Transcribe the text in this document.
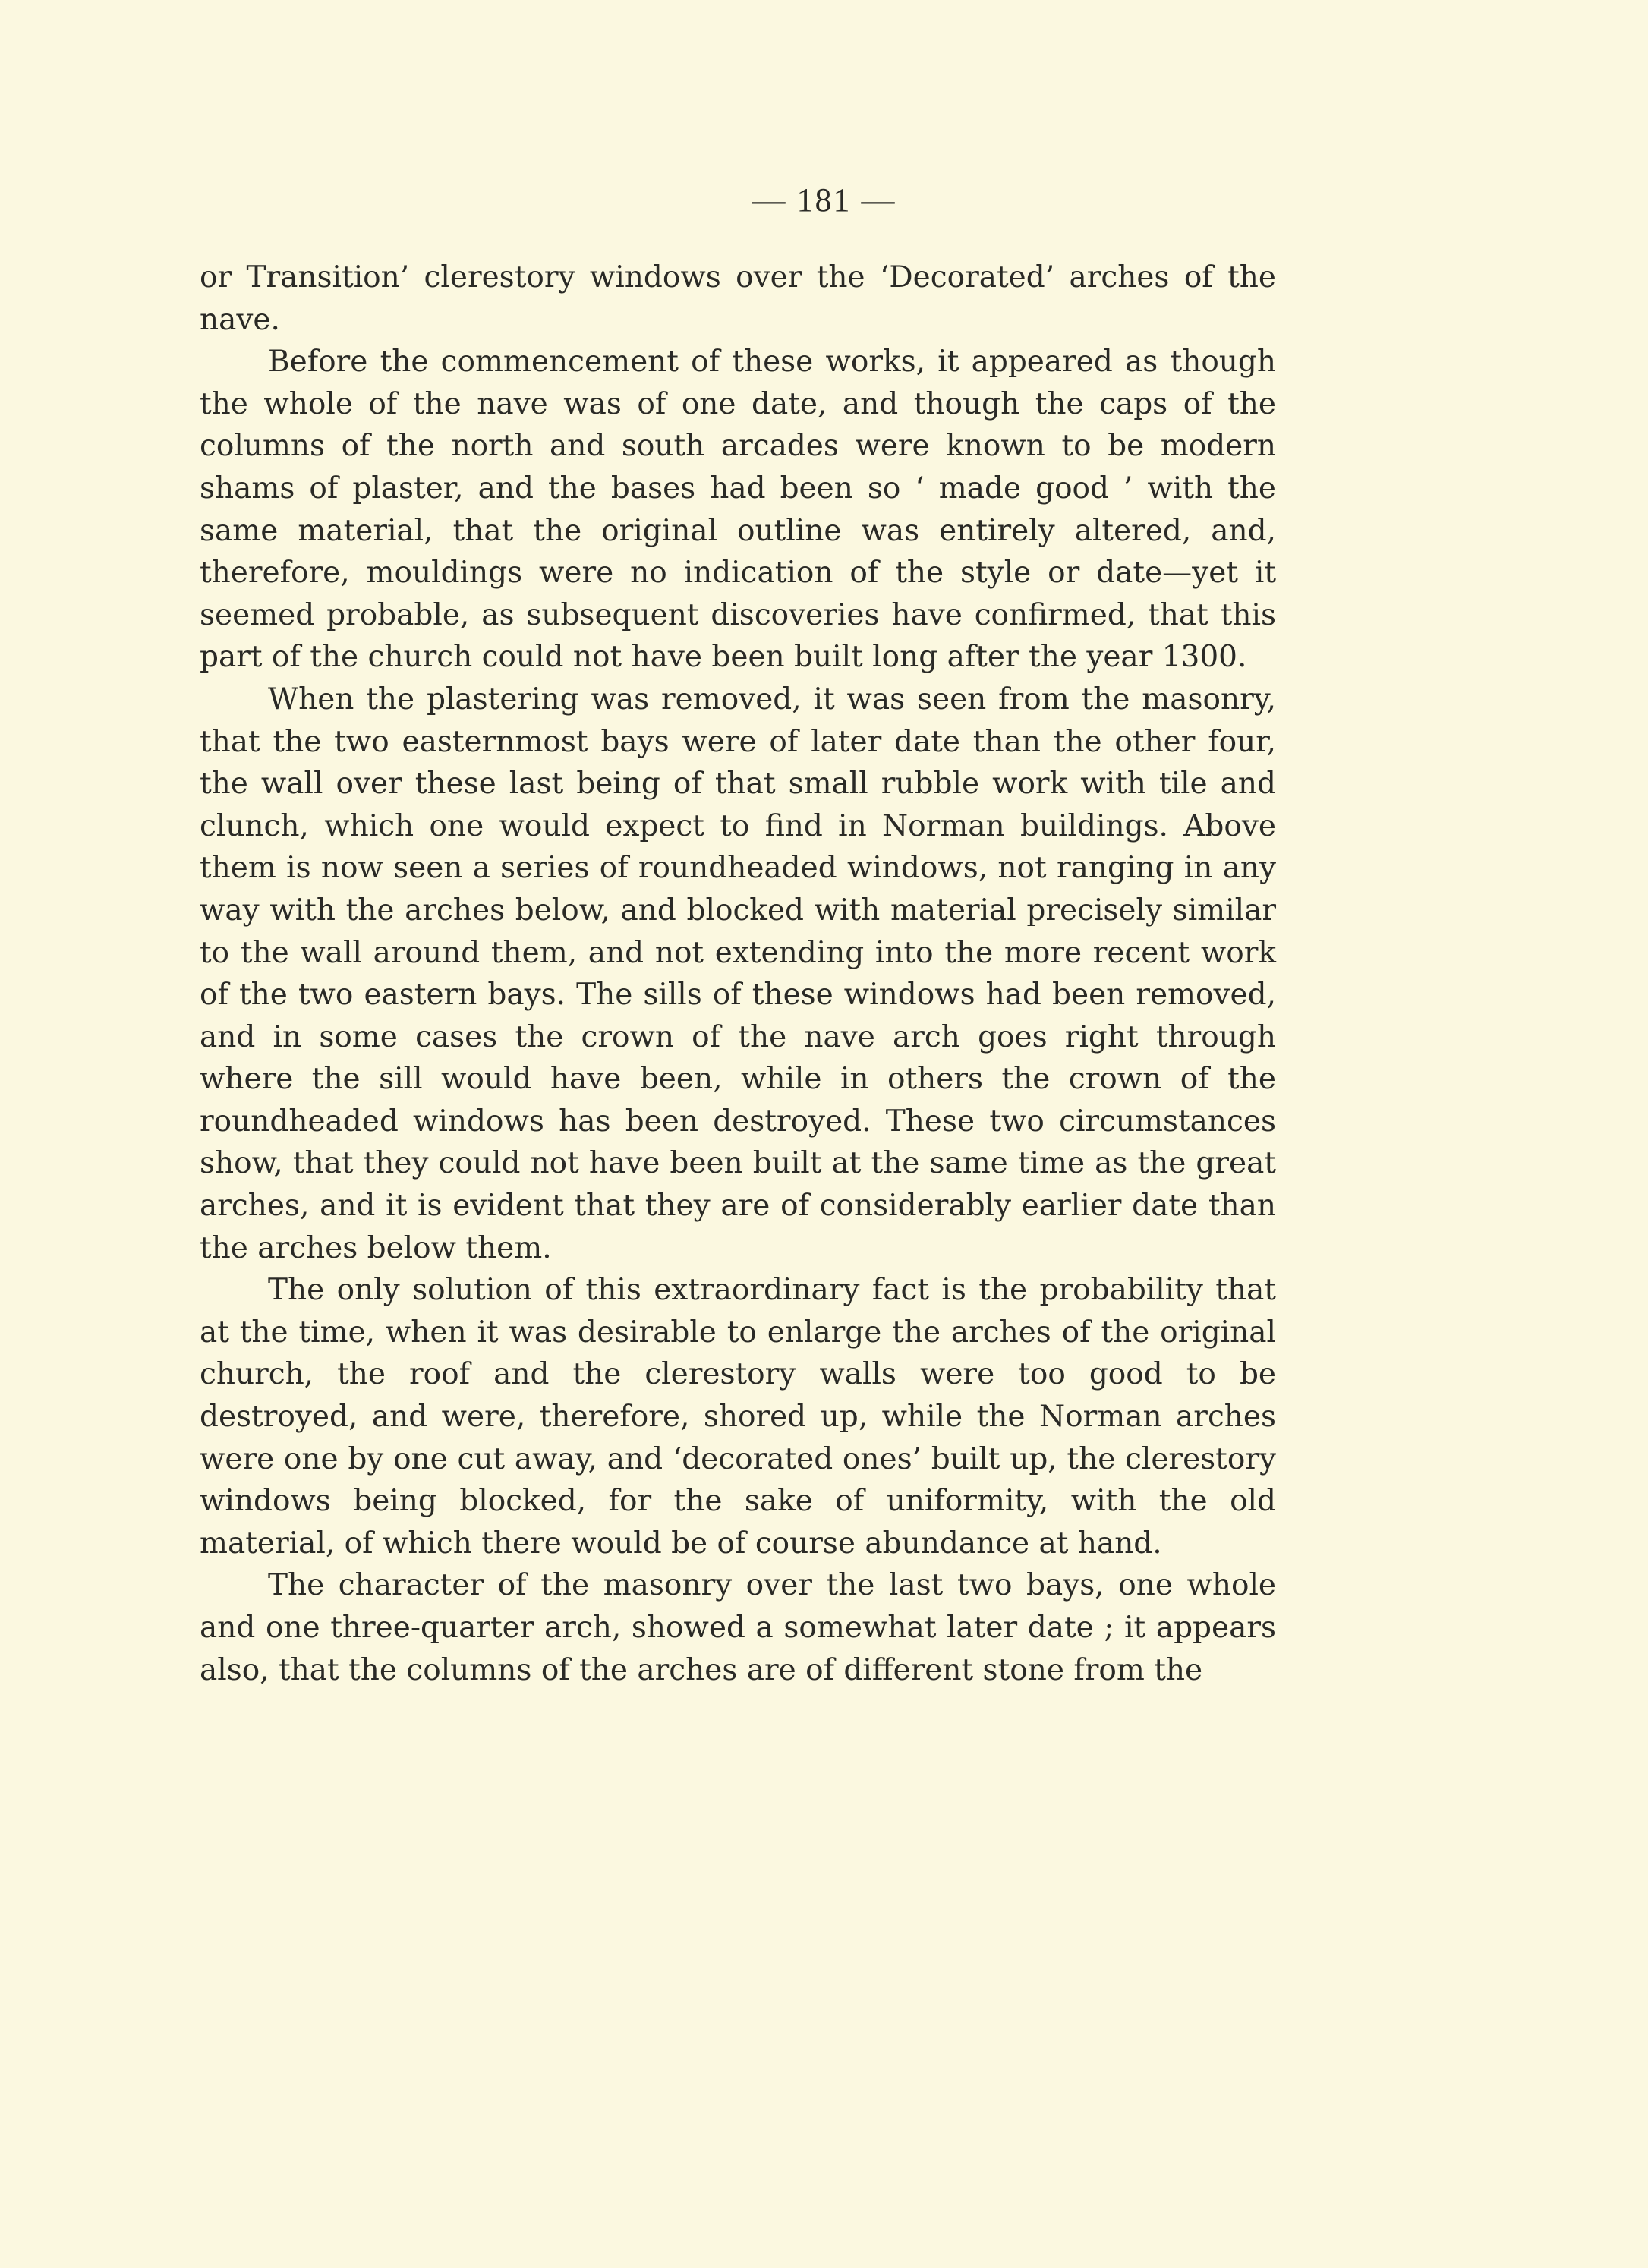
— 181 —

or Transition’ clerestory windows over the ‘Decorated’ arches of the nave.

Before the commencement of these works, it appeared as though the whole of the nave was of one date, and though the caps of the columns of the north and south arcades were known to be modern shams of plaster, and the bases had been so ‘ made good ’ with the same material, that the original outline was entirely altered, and, therefore, mouldings were no indication of the style or date—yet it seemed probable, as subsequent discoveries have confirmed, that this part of the church could not have been built long after the year 1300.

When the plastering was removed, it was seen from the masonry, that the two easternmost bays were of later date than the other four, the wall over these last being of that small rubble work with tile and clunch, which one would expect to find in Norman buildings. Above them is now seen a series of roundheaded windows, not ranging in any way with the arches below, and blocked with material precisely similar to the wall around them, and not extending into the more recent work of the two eastern bays. The sills of these windows had been removed, and in some cases the crown of the nave arch goes right through where the sill would have been, while in others the crown of the roundheaded windows has been destroyed. These two circumstances show, that they could not have been built at the same time as the great arches, and it is evident that they are of considerably earlier date than the arches below them.

The only solution of this extraordinary fact is the probability that at the time, when it was desirable to enlarge the arches of the original church, the roof and the clerestory walls were too good to be destroyed, and were, therefore, shored up, while the Norman arches were one by one cut away, and ‘decorated ones’ built up, the clerestory windows being blocked, for the sake of uniformity, with the old material, of which there would be of course abundance at hand.

The character of the masonry over the last two bays, one whole and one three-quarter arch, showed a somewhat later date ; it appears also, that the columns of the arches are of different stone from the
